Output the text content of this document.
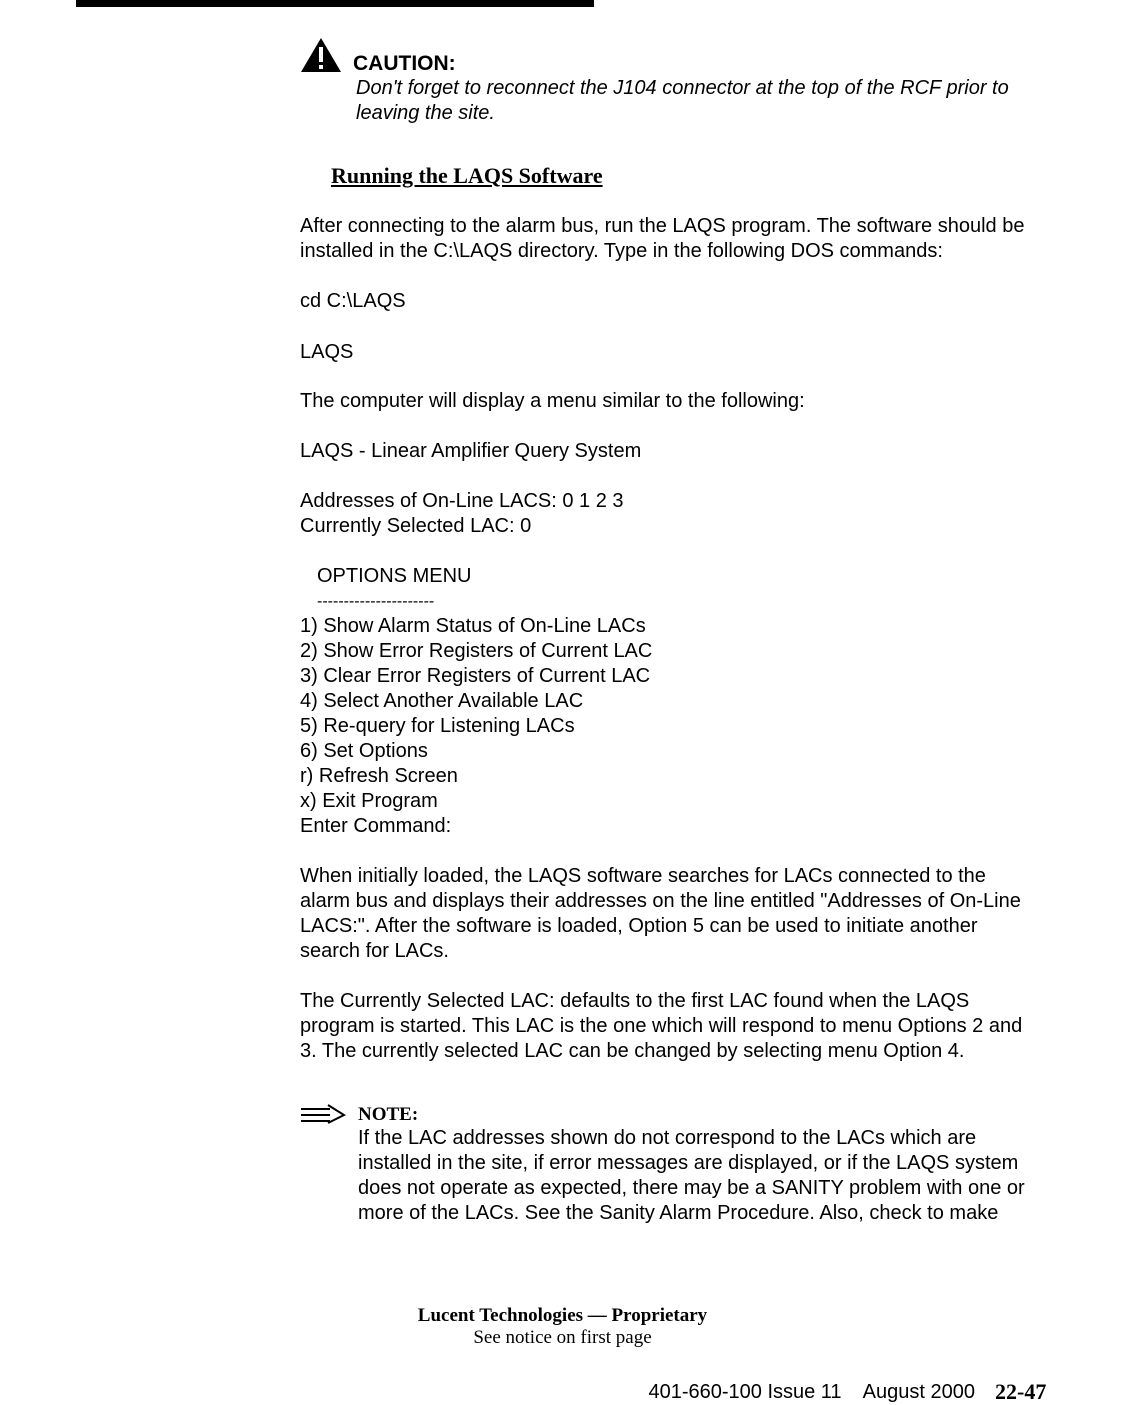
CAUTION:
Don't forget to reconnect the J104 connector at the top of the RCF prior to
leaving the site.
Running the LAQS Software
After connecting to the alarm bus, run the LAQS program. The software should be
installed in the C:\LAQS directory. Type in the following DOS commands:
cd C:\LAQS
LAQS
The computer will display a menu similar to the following:
LAQS - Linear Amplifier Query System
Addresses of On-Line LACS: 0 1 2 3
Currently Selected LAC: 0
OPTIONS MENU
----------------------
1) Show Alarm Status of On-Line LACs
2) Show Error Registers of Current LAC
3) Clear Error Registers of Current LAC
4) Select Another Available LAC
5) Re-query for Listening LACs
6) Set Options
r) Refresh Screen
x) Exit Program
Enter Command:
When initially loaded, the LAQS software searches for LACs connected to the
alarm bus and displays their addresses on the line entitled "Addresses of On-Line
LACS:". After the software is loaded, Option 5 can be used to initiate another
search for LACs.
The Currently Selected LAC: defaults to the first LAC found when the LAQS
program is started. This LAC is the one which will respond to menu Options 2 and
3. The currently selected LAC can be changed by selecting menu Option 4.
NOTE:
If the LAC addresses shown do not correspond to the LACs which are
installed in the site, if error messages are displayed, or if the LAQS system
does not operate as expected, there may be a SANITY problem with one or
more of the LACs. See the Sanity Alarm Procedure. Also, check to make
Lucent Technologies — Proprietary
See notice on first page
401-660-100 Issue 11    August 2000 22-47
